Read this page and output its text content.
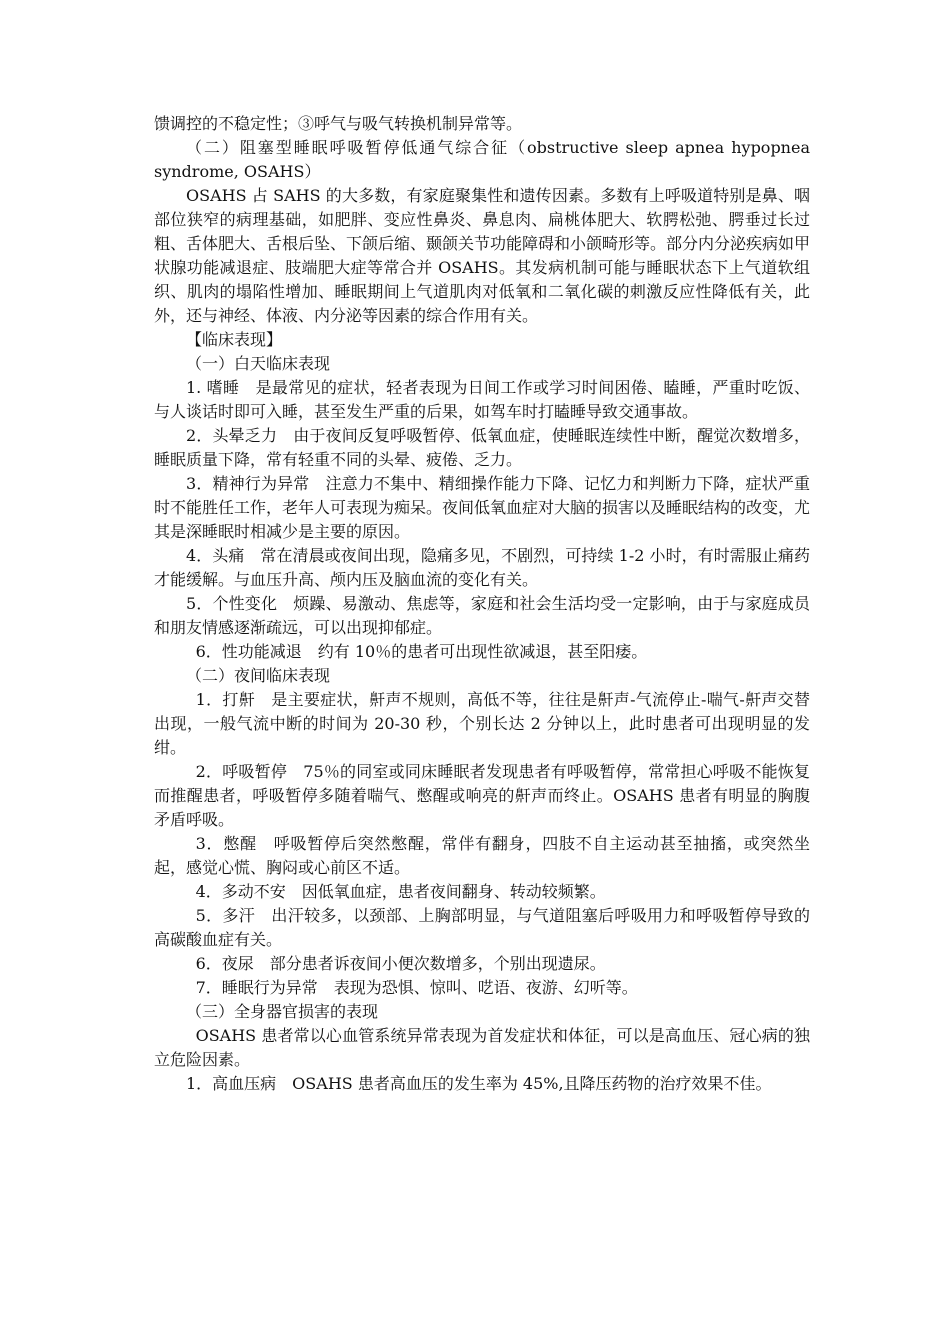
馈调控的不稳定性；③呼气与吸气转换机制异常等。

（二）阻塞型睡眠呼吸暂停低通气综合征（obstructive sleep apnea hypopnea syndrome, OSAHS）

OSAHS 占 SAHS 的大多数，有家庭聚集性和遗传因素。多数有上呼吸道特别是鼻、咽部位狭窄的病理基础，如肥胖、变应性鼻炎、鼻息肉、扁桃体肥大、软腭松弛、腭垂过长过粗、舌体肥大、舌根后坠、下颌后缩、颞颌关节功能障碍和小颌畸形等。部分内分泌疾病如甲状腺功能减退症、肢端肥大症等常合并 OSAHS。其发病机制可能与睡眠状态下上气道软组织、肌肉的塌陷性增加、睡眠期间上气道肌肉对低氧和二氧化碳的刺激反应性降低有关，此外，还与神经、体液、内分泌等因素的综合作用有关。

【临床表现】

（一）白天临床表现

1. 嗜睡　是最常见的症状，轻者表现为日间工作或学习时间困倦、瞌睡，严重时吃饭、与人谈话时即可入睡，甚至发生严重的后果，如驾车时打瞌睡导致交通事故。

2．头晕乏力　由于夜间反复呼吸暂停、低氧血症，使睡眠连续性中断，醒觉次数增多，睡眠质量下降，常有轻重不同的头晕、疲倦、乏力。

3．精神行为异常　注意力不集中、精细操作能力下降、记忆力和判断力下降，症状严重时不能胜任工作，老年人可表现为痴呆。夜间低氧血症对大脑的损害以及睡眠结构的改变，尤其是深睡眠时相减少是主要的原因。

4．头痛　常在清晨或夜间出现，隐痛多见，不剧烈，可持续 1-2 小时，有时需服止痛药才能缓解。与血压升高、颅内压及脑血流的变化有关。

5．个性变化　烦躁、易激动、焦虑等，家庭和社会生活均受一定影响，由于与家庭成员和朋友情感逐渐疏远，可以出现抑郁症。

6．性功能减退　约有 10％的患者可出现性欲减退，甚至阳痿。

（二）夜间临床表现

1．打鼾　是主要症状，鼾声不规则，高低不等，往往是鼾声-气流停止-喘气-鼾声交替出现，一般气流中断的时间为 20-30 秒，个别长达 2 分钟以上，此时患者可出现明显的发绀。

2．呼吸暂停　75％的同室或同床睡眠者发现患者有呼吸暂停，常常担心呼吸不能恢复而推醒患者，呼吸暂停多随着喘气、憋醒或响亮的鼾声而终止。OSAHS 患者有明显的胸腹矛盾呼吸。

3．憋醒　呼吸暂停后突然憋醒，常伴有翻身，四肢不自主运动甚至抽搐，或突然坐起，感觉心慌、胸闷或心前区不适。

4．多动不安　因低氧血症，患者夜间翻身、转动较频繁。

5．多汗　出汗较多，以颈部、上胸部明显，与气道阻塞后呼吸用力和呼吸暂停导致的高碳酸血症有关。

6．夜尿　部分患者诉夜间小便次数增多，个别出现遗尿。

7．睡眠行为异常　表现为恐惧、惊叫、呓语、夜游、幻听等。

（三）全身器官损害的表现

OSAHS 患者常以心血管系统异常表现为首发症状和体征，可以是高血压、冠心病的独立危险因素。

1．高血压病　OSAHS 患者高血压的发生率为 45%,且降压药物的治疗效果不佳。
